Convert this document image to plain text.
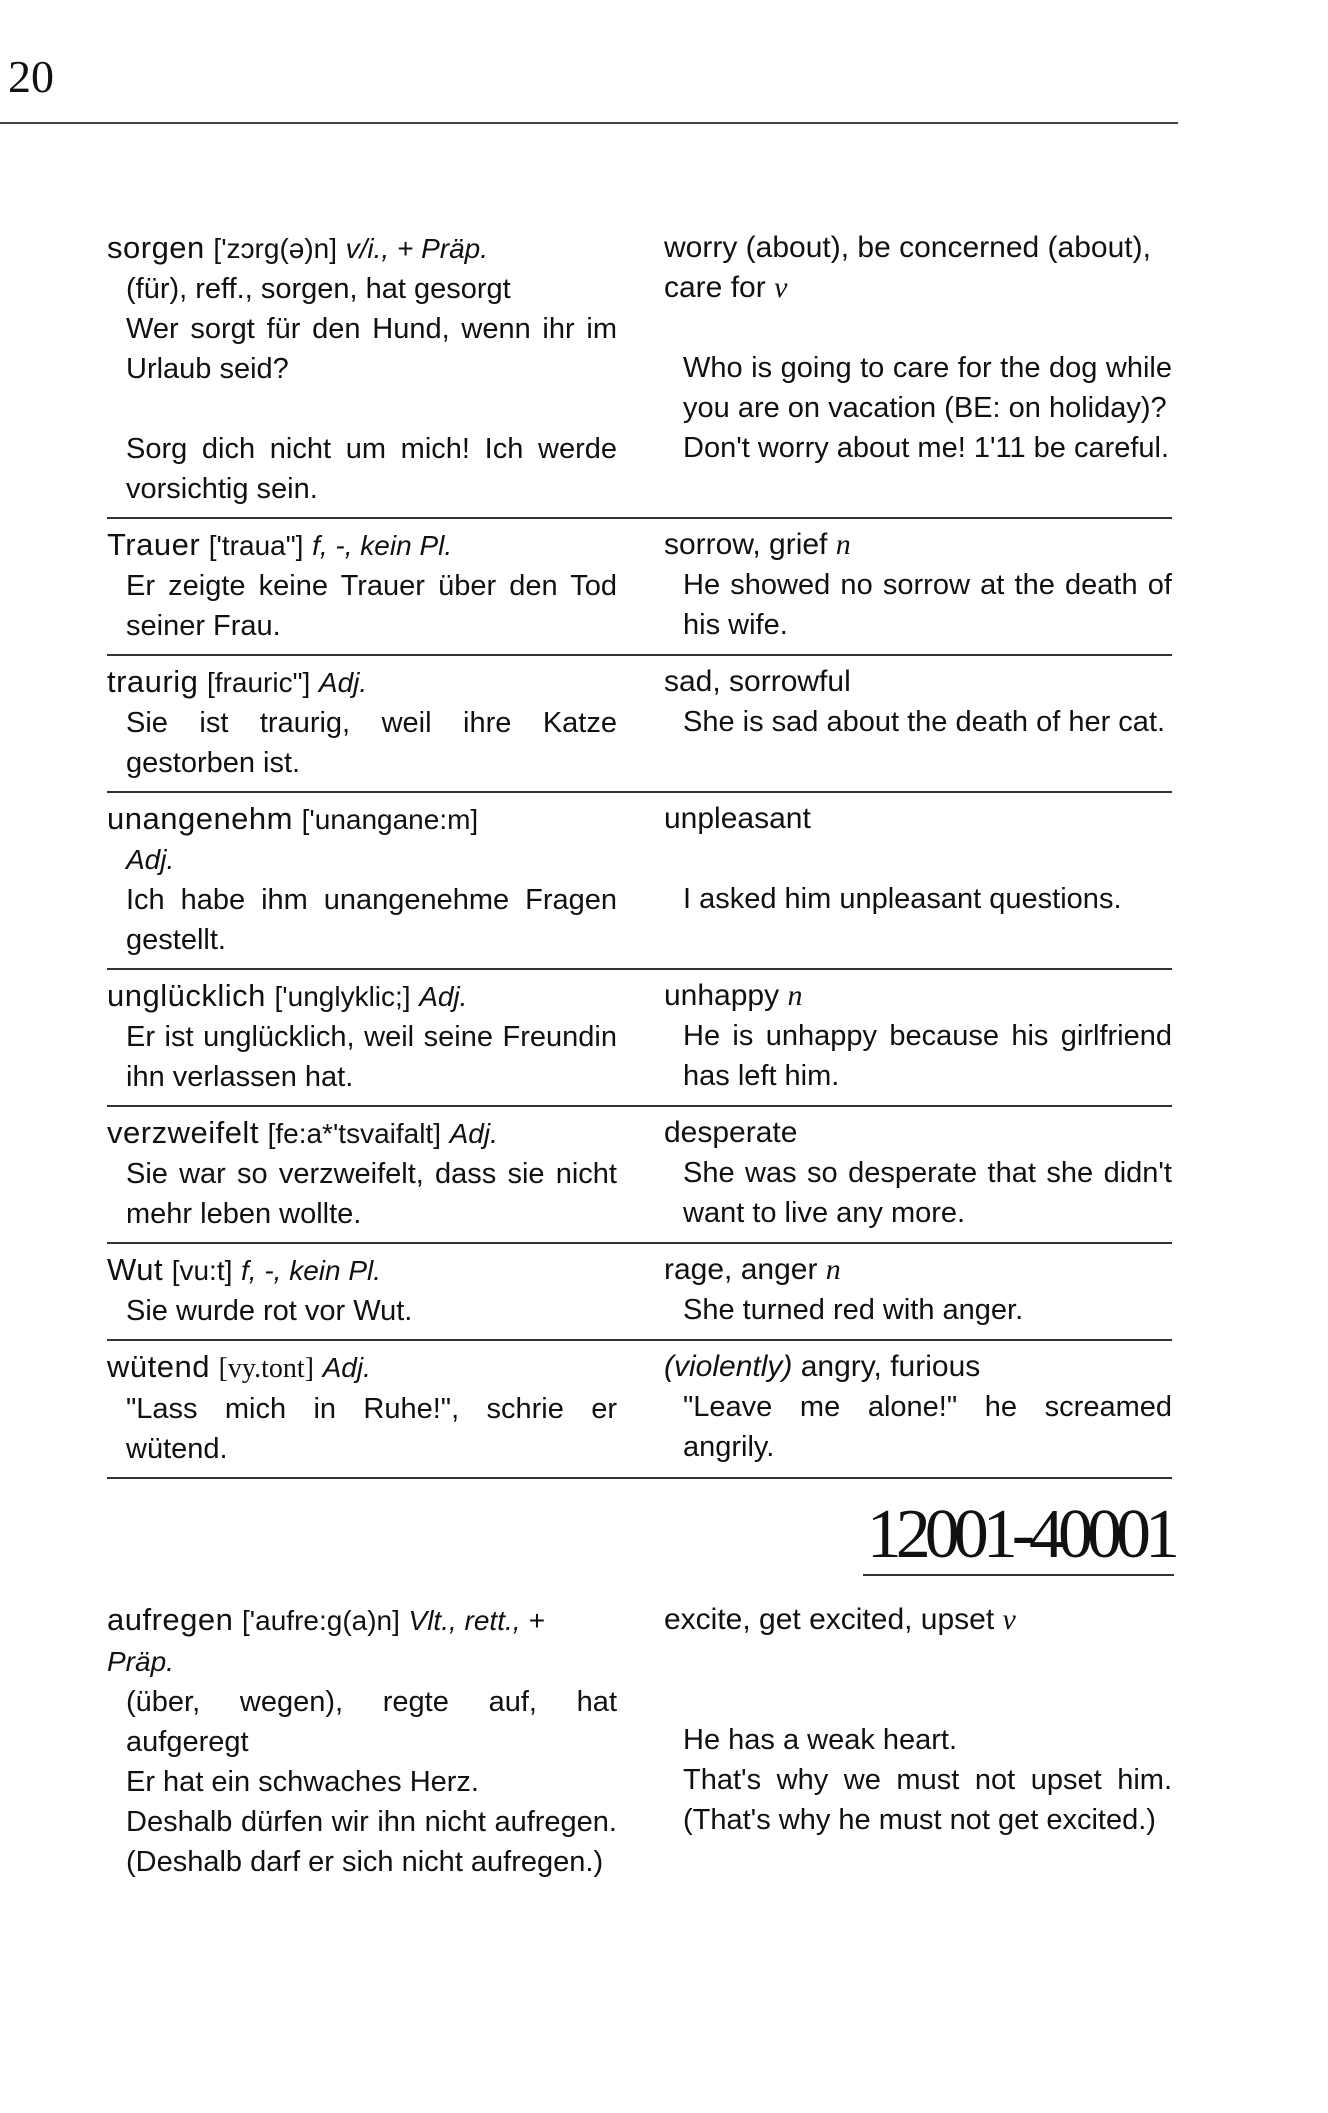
20
sorgen ['zɔrg(ə)n] v/i., + Präp.
(für), reff., sorgen, hat gesorgt
Wer sorgt für den Hund, wenn ihr im Urlaub seid?
Sorg dich nicht um mich! Ich werde vorsichtig sein.
worry (about), be concerned (about), care for v
Who is going to care for the dog while you are on vacation (BE: on holiday)?
Don't worry about me! 1'11 be careful.
Trauer ['traua"] f, -, kein Pl.
Er zeigte keine Trauer über den Tod seiner Frau.
sorrow, grief n
He showed no sorrow at the death of his wife.
traurig [frauric"] Adj.
Sie ist traurig, weil ihre Katze gestorben ist.
sad, sorrowful
She is sad about the death of her cat.
unangenehm ['unangane:m]
Adj.
Ich habe ihm unangenehme Fragen gestellt.
unpleasant
I asked him unpleasant questions.
unglücklich ['unglyklic;] Adj.
Er ist unglücklich, weil seine Freundin ihn verlassen hat.
unhappy n
He is unhappy because his girlfriend has left him.
verzweifelt [fe:a*'tsvaifalt] Adj.
Sie war so verzweifelt, dass sie nicht mehr leben wollte.
desperate
She was so desperate that she didn't want to live any more.
Wut [vu:t] f, -, kein Pl.
Sie wurde rot vor Wut.
rage, anger n
She turned red with anger.
wütend [vy.tont] Adj.
"Lass mich in Ruhe!", schrie er wütend.
(violently) angry, furious
"Leave me alone!" he screamed angrily.
12001-40001
aufregen ['aufre:g(a)n] Vlt., rett., + Präp.
(über, wegen), regte auf, hat aufgeregt
Er hat ein schwaches Herz.
Deshalb dürfen wir ihn nicht aufregen. (Deshalb darf er sich nicht aufregen.)
excite, get excited, upset v
He has a weak heart.
That's why we must not upset him. (That's why he must not get excited.)
